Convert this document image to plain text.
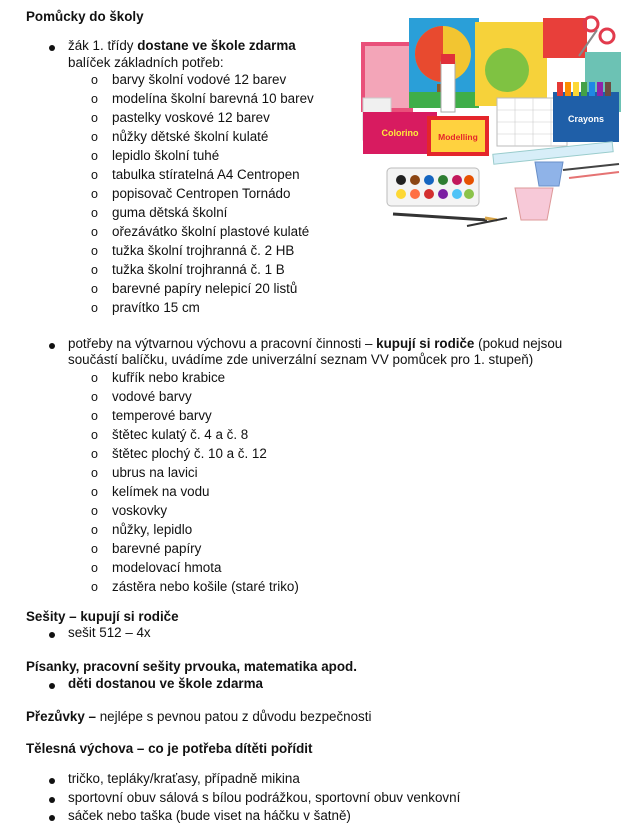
Pomůcky do školy
žák 1. třídy dostane ve škole zdarma
balíček základních potřeb:
o barvy školní vodové 12 barev
o modelína školní barevná 10 barev
o pastelky voskové 12 barev
o nůžky dětské školní kulaté
o lepidlo školní tuhé
o tabulka stíratelná A4 Centropen
o popisovač Centropen Tornádo
o guma dětská školní
o ořezávátko školní plastové kulaté
o tužka školní trojhranná č. 2 HB
o tužka školní trojhranná č. 1 B
o barevné papíry nelepicí 20 listů
o pravítko 15 cm
Crayons
Colorino Modelling
potřeby na výtvarnou výchovu a pracovní činnosti – kupují si rodiče (pokud nejsou
součástí balíčku, uvádíme zde univerzální seznam VV pomůcek pro 1. stupeň)
o kufřík nebo krabice
o vodové barvy
o temperové barvy
o štětec kulatý č. 4 a č. 8
o štětec plochý č. 10 a č. 12
o ubrus na lavici
o kelímek na vodu
o voskovky
o nůžky, lepidlo
o barevné papíry
o modelovací hmota
o zástěra nebo košile (staré triko)
Sešity – kupují si rodiče
sešit 512 – 4x
Písanky, pracovní sešity prvouka, matematika apod.
děti dostanou ve škole zdarma
Přezůvky – nejlépe s pevnou patou z důvodu bezpečnosti
Tělesná výchova – co je potřeba dítěti pořídit
tričko, tepláky/kraťasy, případně mikina
sportovní obuv sálová s bílou podrážkou, sportovní obuv venkovní
sáček nebo taška (bude viset na háčku v šatně)
